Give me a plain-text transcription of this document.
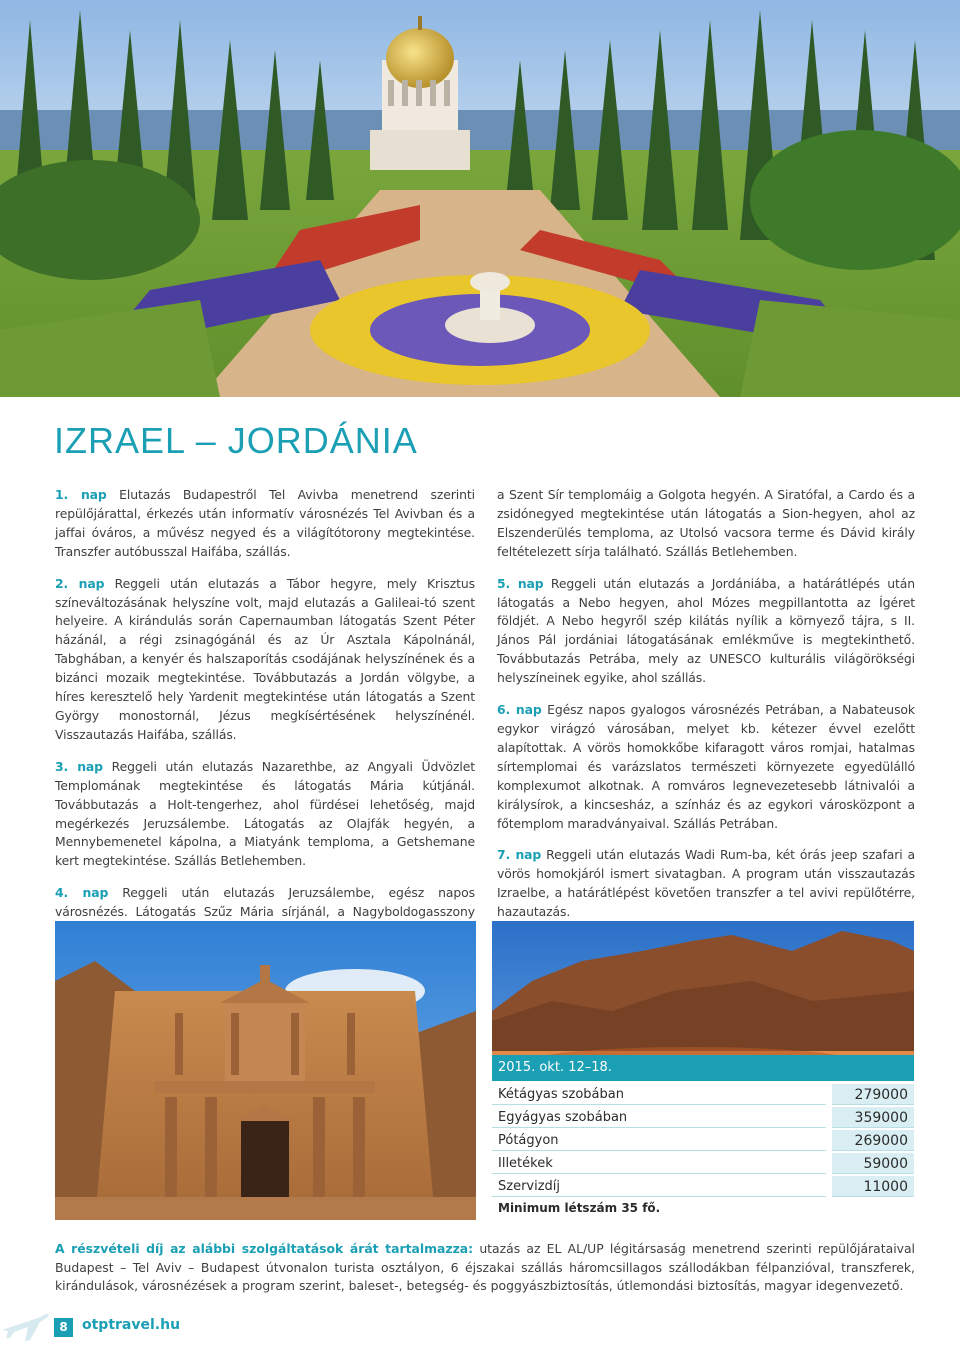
IZRAEL – JORDÁNIA

1. nap Elutazás Budapestről Tel Avivba menetrend szerinti repülőjárattal, érkezés után informatív városnézés Tel Avivban és a jaffai óváros, a művész negyed és a világítótorony megtekintése. Transzfer autóbusszal Haifába, szállás.

2. nap Reggeli után elutazás a Tábor hegyre, mely Krisztus színeváltozásának helyszíne volt, majd elutazás a Galileai-tó szent helyeire. A kirándulás során Capernaumban látogatás Szent Péter házánál, a régi zsinagógánál és az Úr Asztala Kápolnánál, Tabghában, a kenyér és halszaporítás csodájának helyszínének és a bizánci mozaik megtekintése. Továbbutazás a Jordán völgybe, a híres keresztelő hely Yardenit megtekintése után látogatás a Szent György monostornál, Jézus megkísértésének helyszínénél. Visszautazás Haifába, szállás.

3. nap Reggeli után elutazás Nazarethbe, az Angyali Üdvözlet Templomának megtekintése és látogatás Mária kútjánál. Továbbutazás a Holt-tengerhez, ahol fürdései lehetőség, majd megérkezés Jeruzsálembe. Látogatás az Olajfák hegyén, a Mennybemenetel kápolna, a Miatyánk temploma, a Getshemane kert megtekintése. Szállás Betlehemben.

4. nap Reggeli után elutazás Jeruzsálembe, egész napos városnézés. Látogatás Szűz Mária sírjánál, a Nagyboldogasszony

a Szent Sír templomáig a Golgota hegyén. A Siratófal, a Cardo és a zsidónegyed megtekintése után látogatás a Sion-hegyen, ahol az Elszenderülés temploma, az Utolsó vacsora terme és Dávid király feltételezett sírja található. Szállás Betlehemben.

5. nap Reggeli után elutazás a Jordániába, a határátlépés után látogatás a Nebo hegyen, ahol Mózes megpillantotta az Ígéret földjét. A Nebo hegyről szép kilátás nyílik a környező tájra, s II. János Pál jordániai látogatásának emlékműve is megtekinthető. Továbbutazás Petrába, mely az UNESCO kulturális világörökségi helyszíneinek egyike, ahol szállás.

6. nap Egész napos gyalogos városnézés Petrában, a Nabateusok egykor virágzó városában, melyet kb. kétezer évvel ezelőtt alapítottak. A vörös homokkőbe kifaragott város romjai, hatalmas sírtemplomai és varázslatos természeti környezete egyedülálló komplexumot alkotnak. A romváros legnevezetesebb látnivalói a királysírok, a kincsesház, a színház és az egykori városközpont a főtemplom maradványaival. Szállás Petrában.

7. nap Reggeli után elutazás Wadi Rum-ba, két órás jeep szafari a vörös homokjáról ismert sivatagban. A program után visszautazás Izraelbe, a határátlépést követően transzfer a tel avivi repülőtérre, hazautazás.

2015. okt. 12–18.
Kétágyas szobában	279000
Egyágyas szobában	359000
Pótágyon	269000
Illetékek	59000
Szervizdíj	11000
Minimum létszám 35 fő.
A részvételi díj az alábbi szolgáltatások árát tartalmazza: utazás az EL AL/UP légitársaság menetrend szerinti repülőjárataival Budapest – Tel Aviv – Budapest útvonalon turista osztályon, 6 éjszakai szállás háromcsillagos szállodákban félpanzióval, transzferek, kirándulások, városnézések a program szerint, baleset-, betegség- és poggyászbiztosítás, útlemondási biztosítás, magyar idegenvezető.
8	otptravel.hu
